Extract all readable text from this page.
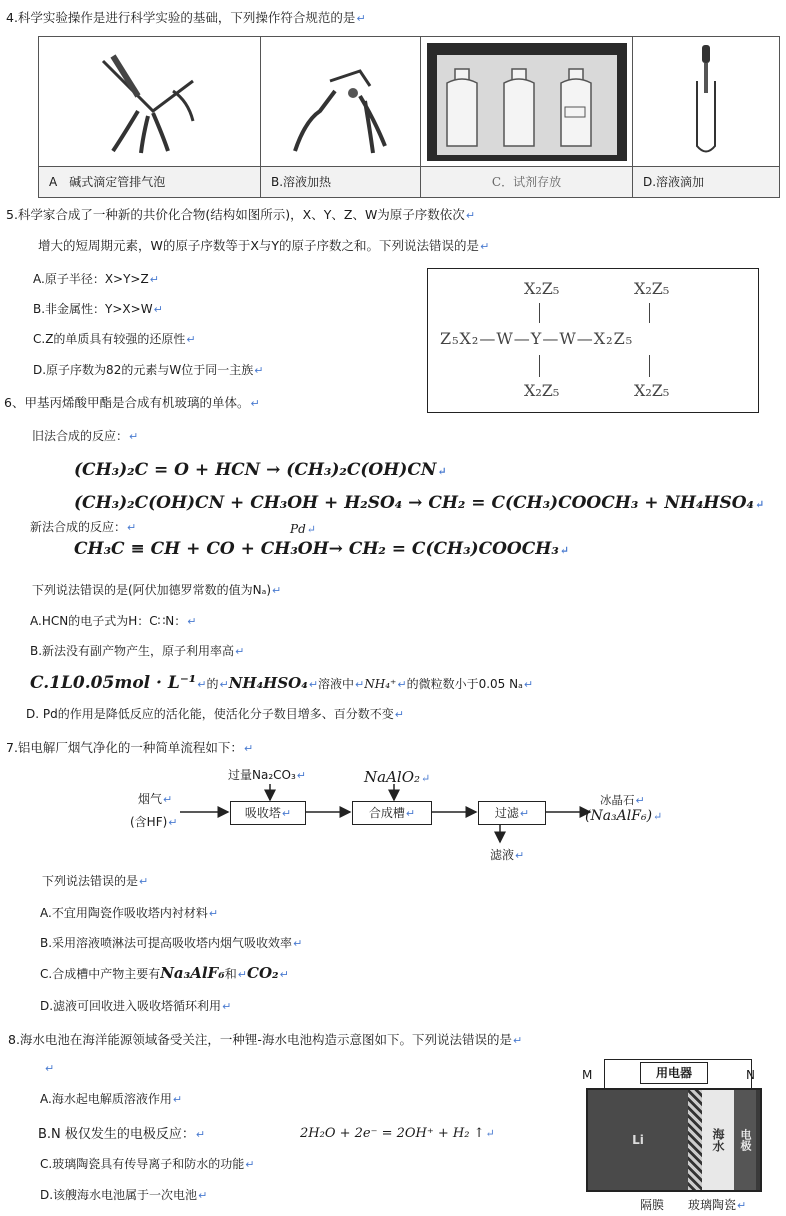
4.科学实验操作是进行科学实验的基础，下列操作符合规范的是↵
A　碱式滴定管排气泡	B.溶液加热	C．试剂存放	D.溶液滴加
5.科学家合成了一种新的共价化合物(结构如图所示)，X、Y、Z、W为原子序数依次↵
增大的短周期元素，W的原子序数等于X与Y的原子序数之和。下列说法错误的是↵
A.原子半径：X>Y>Z↵
B.非金属性：Y>X>W↵
C.Z的单质具有较强的还原性↵
D.原子序数为82的元素与W位于同一主族↵
X₂Z₅	X₂Z₅
Z₅X₂—W—Y—W—X₂Z₅
X₂Z₅	X₂Z₅
6、甲基丙烯酸甲酯是合成有机玻璃的单体。↵
旧法合成的反应：↵
(CH₃)₂C = O + HCN → (CH₃)₂C(OH)CN↵
(CH₃)₂C(OH)CN + CH₃OH + H₂SO₄ → CH₂ = C(CH₃)COOCH₃ + NH₄HSO₄↵
新法合成的反应：↵	Pd↵
CH₃C ≡ CH + CO + CH₃OH→ CH₂ = C(CH₃)COOCH₃↵
下列说法错误的是(阿伏加德罗常数的值为Nₐ)↵
A.HCN的电子式为H：C∷N：↵
B.新法没有副产物产生，原子利用率高↵
C.1L0.05mol · L⁻¹↵的↵NH₄HSO₄↵溶液中↵NH₄⁺↵的微粒数小于0.05 Nₐ↵
D. Pd的作用是降低反应的活化能，使活化分子数目增多、百分数不变↵
7.铝电解厂烟气净化的一种简单流程如下：↵
过量Na₂CO₃↵	NaAlO₂↵
烟气↵
(含HF)↵
吸收塔↵	合成槽↵	过滤↵
冰晶石↵
(Na₃AlF₆)↵
滤液↵
下列说法错误的是↵
A.不宜用陶瓷作吸收塔内衬材料↵
B.采用溶液喷淋法可提高吸收塔内烟气吸收效率↵
C.合成槽中产物主要有Na₃AlF₆和↵CO₂↵
D.滤液可回收进入吸收塔循环利用↵
8.海水电池在海洋能源领域备受关注，一种锂-海水电池构造示意图如下。下列说法错误的是↵
↵
A.海水起电解质溶液作用↵
B.N 极仅发生的电极反应：↵	2H₂O + 2e⁻ = 2OH⁺ + H₂ ↑↵
C.玻璃陶瓷具有传导离子和防水的功能↵
D.该艘海水电池属于一次电池↵
M	N
用电器
Li	海水	电极
隔膜 玻璃陶瓷↵
